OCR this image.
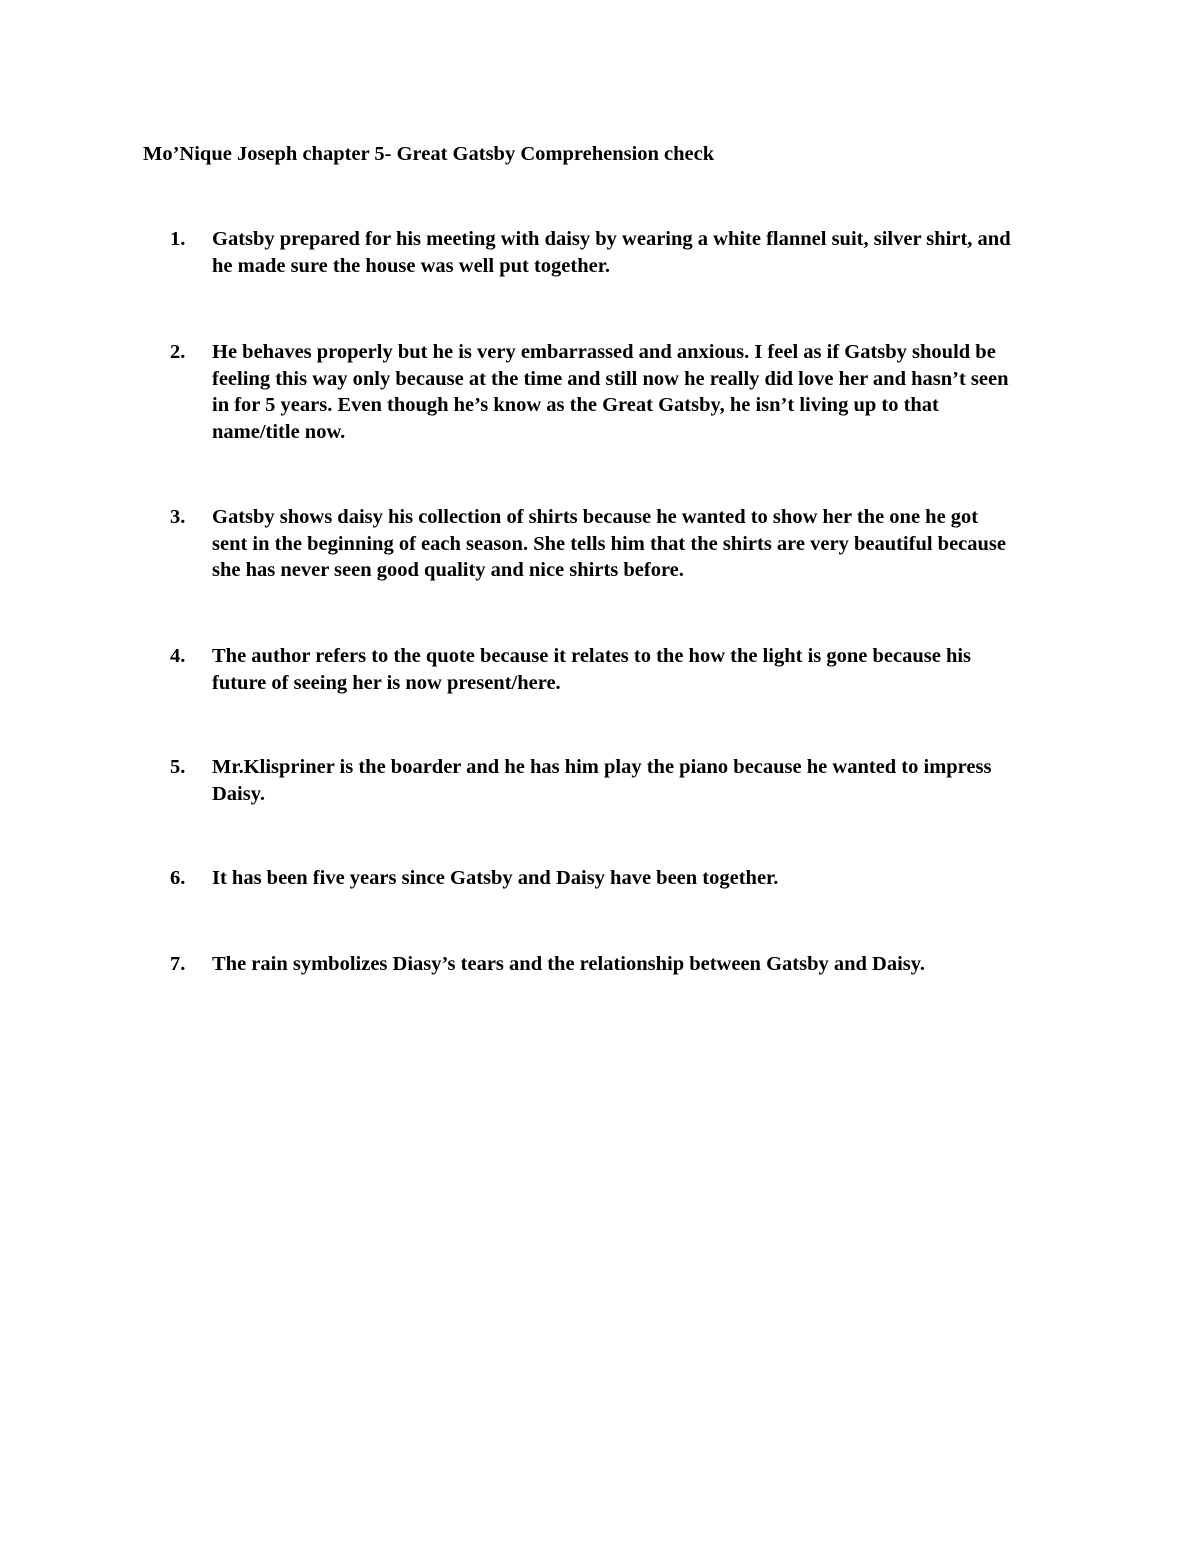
Mo’Nique Joseph chapter 5- Great Gatsby Comprehension check
1.	Gatsby prepared for his meeting with daisy by wearing a white flannel suit, silver shirt, and
he made sure the house was well put together.
2.	He behaves properly but he is very embarrassed and anxious. I feel as if Gatsby should be
feeling this way only because at the time and still now he really did love her and hasn’t seen
in for 5 years. Even though he’s know as the Great Gatsby, he isn’t living up to that
name/title now.
3.	Gatsby shows daisy his collection of shirts because he wanted to show her the one he got
sent in the beginning of each season. She tells him that the shirts are very beautiful because
she has never seen good quality and nice shirts before.
4.	The author refers to the quote because it relates to the how the light is gone because his
future of seeing her is now present/here.
5.	Mr.Klispriner is the boarder and he has him play the piano because he wanted to impress
Daisy.
6.	It has been five years since Gatsby and Daisy have been together.
7.	The rain symbolizes Diasy’s tears and the relationship between Gatsby and Daisy.
